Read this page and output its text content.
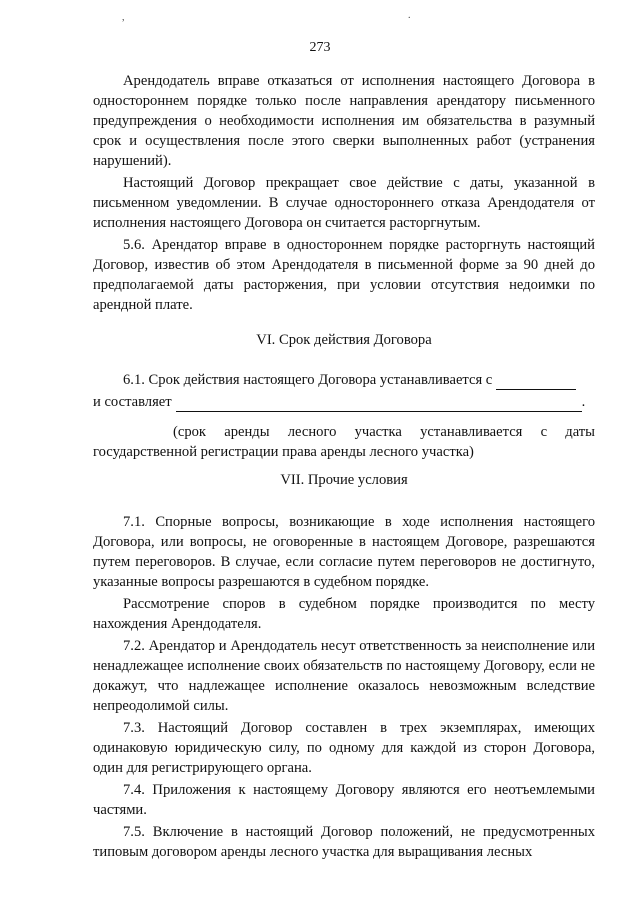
,	.
273

Арендодатель вправе отказаться от исполнения настоящего Договора в одностороннем порядке только после направления арендатору письменного предупреждения о необходимости исполнения им обязательства в разумный срок и осуществления после этого сверки выполненных работ (устранения нарушений).

Настоящий Договор прекращает свое действие с даты, указанной в письменном уведомлении. В случае одностороннего отказа Арендодателя от исполнения настоящего Договора он считается расторгнутым.

5.6. Арендатор вправе в одностороннем порядке расторгнуть настоящий Договор, известив об этом Арендодателя в письменной форме за 90 дней до предполагаемой даты расторжения, при условии отсутствия недоимки по арендной плате.

VI. Срок действия Договора
6.1. Срок действия настоящего Договора устанавливается с
и составляет	.

(срок аренды лесного участка устанавливается с даты государственной регистрации права аренды лесного участка)

VII. Прочие условия

7.1. Спорные вопросы, возникающие в ходе исполнения настоящего Договора, или вопросы, не оговоренные в настоящем Договоре, разрешаются путем переговоров. В случае, если согласие путем переговоров не достигнуто, указанные вопросы разрешаются в судебном порядке.

Рассмотрение споров в судебном порядке производится по месту нахождения Арендодателя.

7.2. Арендатор и Арендодатель несут ответственность за неисполнение или ненадлежащее исполнение своих обязательств по настоящему Договору, если не докажут, что надлежащее исполнение оказалось невозможным вследствие непреодолимой силы.

7.3. Настоящий Договор составлен в трех экземплярах, имеющих одинаковую юридическую силу, по одному для каждой из сторон Договора, один для регистрирующего органа.

7.4. Приложения к настоящему Договору являются его неотъемлемыми частями.

7.5. Включение в настоящий Договор положений, не предусмотренных типовым договором аренды лесного участка для выращивания лесных
